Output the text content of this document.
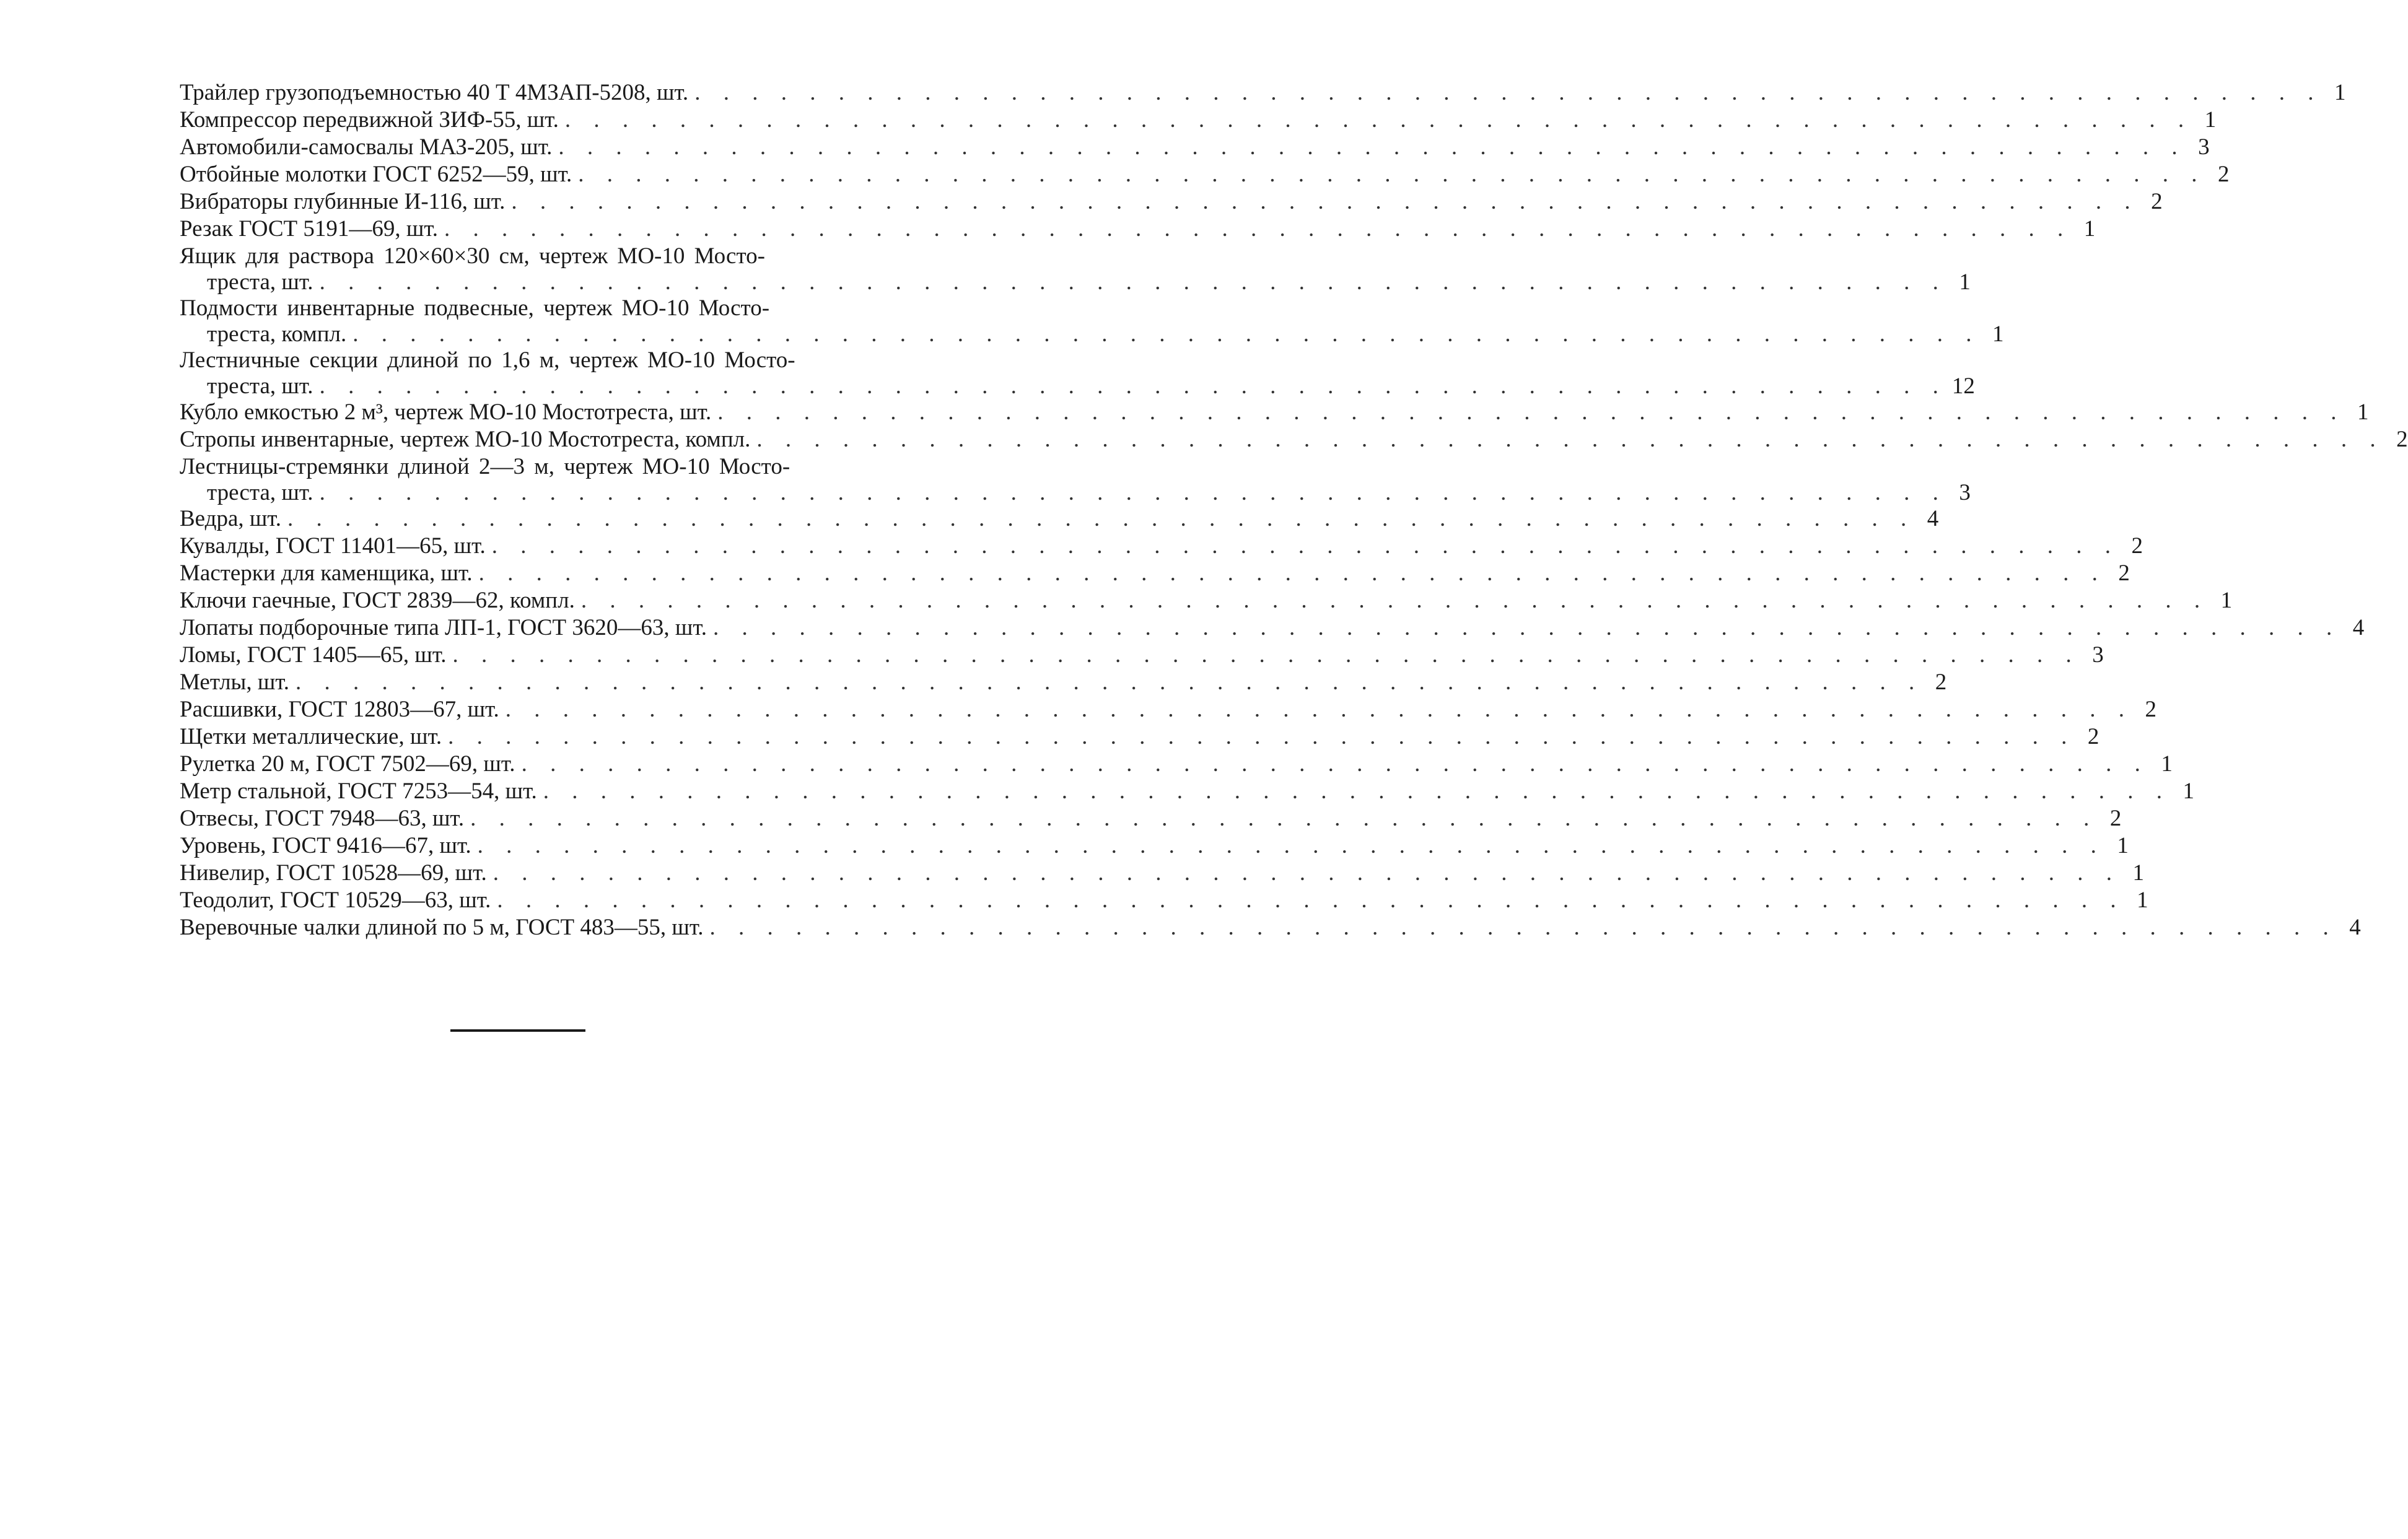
Трайлер грузоподъемностью 40 Т 4МЗАП-5208, шт. . . . . . . . . . . . . . . . . . . . . . . . . . . . . . . . . . . . . . . . . . . . . . . . . . . . . . . . . . 1
Компрессор передвижной ЗИФ-55, шт. . . . . . . . . . . . . . . . . . . . . . . . . . . . . . . . . . . . . . . . . . . . . . . . . . . . . . . . . . 1
Автомобили-самосвалы МАЗ-205, шт. . . . . . . . . . . . . . . . . . . . . . . . . . . . . . . . . . . . . . . . . . . . . . . . . . . . . . . . . . 3
Отбойные молотки ГОСТ 6252—59, шт. . . . . . . . . . . . . . . . . . . . . . . . . . . . . . . . . . . . . . . . . . . . . . . . . . . . . . . . . . 2
Вибраторы глубинные И-116, шт. . . . . . . . . . . . . . . . . . . . . . . . . . . . . . . . . . . . . . . . . . . . . . . . . . . . . . . . . . 2
Резак ГОСТ 5191—69, шт. . . . . . . . . . . . . . . . . . . . . . . . . . . . . . . . . . . . . . . . . . . . . . . . . . . . . . . . . . 1
Ящик для раствора 120×60×30 см, чертеж МО-10 Мосто-
треста, шт. . . . . . . . . . . . . . . . . . . . . . . . . . . . . . . . . . . . . . . . . . . . . . . . . . . . . . . . . . 1
Подмости инвентарные подвесные, чертеж МО-10 Мосто-
треста, компл. . . . . . . . . . . . . . . . . . . . . . . . . . . . . . . . . . . . . . . . . . . . . . . . . . . . . . . . . . 1
Лестничные секции длиной по 1,6 м, чертеж МО-10 Мосто-
треста, шт. . . . . . . . . . . . . . . . . . . . . . . . . . . . . . . . . . . . . . . . . . . . . . . . . . . . . . . . . . 12
Кубло емкостью 2 м³, чертеж МО-10 Мостотреста, шт. . . . . . . . . . . . . . . . . . . . . . . . . . . . . . . . . . . . . . . . . . . . . . . . . . . . . . . . . . 1
Стропы инвентарные, чертеж МО-10 Мостотреста, компл. . . . . . . . . . . . . . . . . . . . . . . . . . . . . . . . . . . . . . . . . . . . . . . . . . . . . . . . . . 2
Лестницы-стремянки длиной 2—3 м, чертеж МО-10 Мосто-
треста, шт. . . . . . . . . . . . . . . . . . . . . . . . . . . . . . . . . . . . . . . . . . . . . . . . . . . . . . . . . . 3
Ведра, шт. . . . . . . . . . . . . . . . . . . . . . . . . . . . . . . . . . . . . . . . . . . . . . . . . . . . . . . . . . 4
Кувалды, ГОСТ 11401—65, шт. . . . . . . . . . . . . . . . . . . . . . . . . . . . . . . . . . . . . . . . . . . . . . . . . . . . . . . . . . 2
Мастерки для каменщика, шт. . . . . . . . . . . . . . . . . . . . . . . . . . . . . . . . . . . . . . . . . . . . . . . . . . . . . . . . . . 2
Ключи гаечные, ГОСТ 2839—62, компл. . . . . . . . . . . . . . . . . . . . . . . . . . . . . . . . . . . . . . . . . . . . . . . . . . . . . . . . . . 1
Лопаты подборочные типа ЛП-1, ГОСТ 3620—63, шт. . . . . . . . . . . . . . . . . . . . . . . . . . . . . . . . . . . . . . . . . . . . . . . . . . . . . . . . . . 4
Ломы, ГОСТ 1405—65, шт. . . . . . . . . . . . . . . . . . . . . . . . . . . . . . . . . . . . . . . . . . . . . . . . . . . . . . . . . . 3
Метлы, шт. . . . . . . . . . . . . . . . . . . . . . . . . . . . . . . . . . . . . . . . . . . . . . . . . . . . . . . . . . 2
Расшивки, ГОСТ 12803—67, шт. . . . . . . . . . . . . . . . . . . . . . . . . . . . . . . . . . . . . . . . . . . . . . . . . . . . . . . . . . 2
Щетки металлические, шт. . . . . . . . . . . . . . . . . . . . . . . . . . . . . . . . . . . . . . . . . . . . . . . . . . . . . . . . . . 2
Рулетка 20 м, ГОСТ 7502—69, шт. . . . . . . . . . . . . . . . . . . . . . . . . . . . . . . . . . . . . . . . . . . . . . . . . . . . . . . . . . 1
Метр стальной, ГОСТ 7253—54, шт. . . . . . . . . . . . . . . . . . . . . . . . . . . . . . . . . . . . . . . . . . . . . . . . . . . . . . . . . . 1
Отвесы, ГОСТ 7948—63, шт. . . . . . . . . . . . . . . . . . . . . . . . . . . . . . . . . . . . . . . . . . . . . . . . . . . . . . . . . . 2
Уровень, ГОСТ 9416—67, шт. . . . . . . . . . . . . . . . . . . . . . . . . . . . . . . . . . . . . . . . . . . . . . . . . . . . . . . . . . 1
Нивелир, ГОСТ 10528—69, шт. . . . . . . . . . . . . . . . . . . . . . . . . . . . . . . . . . . . . . . . . . . . . . . . . . . . . . . . . . 1
Теодолит, ГОСТ 10529—63, шт. . . . . . . . . . . . . . . . . . . . . . . . . . . . . . . . . . . . . . . . . . . . . . . . . . . . . . . . . . 1
Веревочные чалки длиной по 5 м, ГОСТ 483—55, шт. . . . . . . . . . . . . . . . . . . . . . . . . . . . . . . . . . . . . . . . . . . . . . . . . . . . . . . . . . 4
